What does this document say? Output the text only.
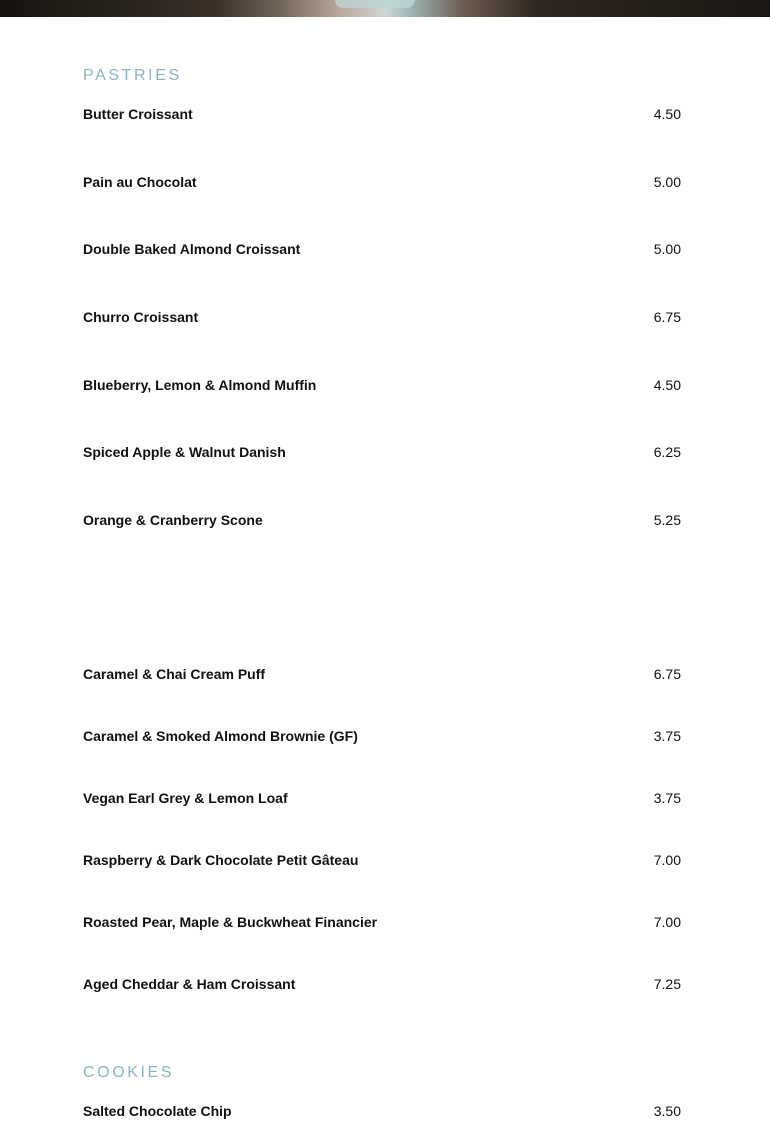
PASTRIES
Butter Croissant	4.50
Pain au Chocolat	5.00
Double Baked Almond Croissant	5.00
Churro Croissant	6.75
Blueberry, Lemon & Almond Muffin	4.50
Spiced Apple & Walnut Danish	6.25
Orange & Cranberry Scone	5.25
Caramel & Chai Cream Puff	6.75
Caramel & Smoked Almond Brownie (GF)	3.75
Vegan Earl Grey & Lemon Loaf	3.75
Raspberry & Dark Chocolate Petit Gâteau	7.00
Roasted Pear, Maple & Buckwheat Financier	7.00
Aged Cheddar & Ham Croissant	7.25
COOKIES
Salted Chocolate Chip	3.50
